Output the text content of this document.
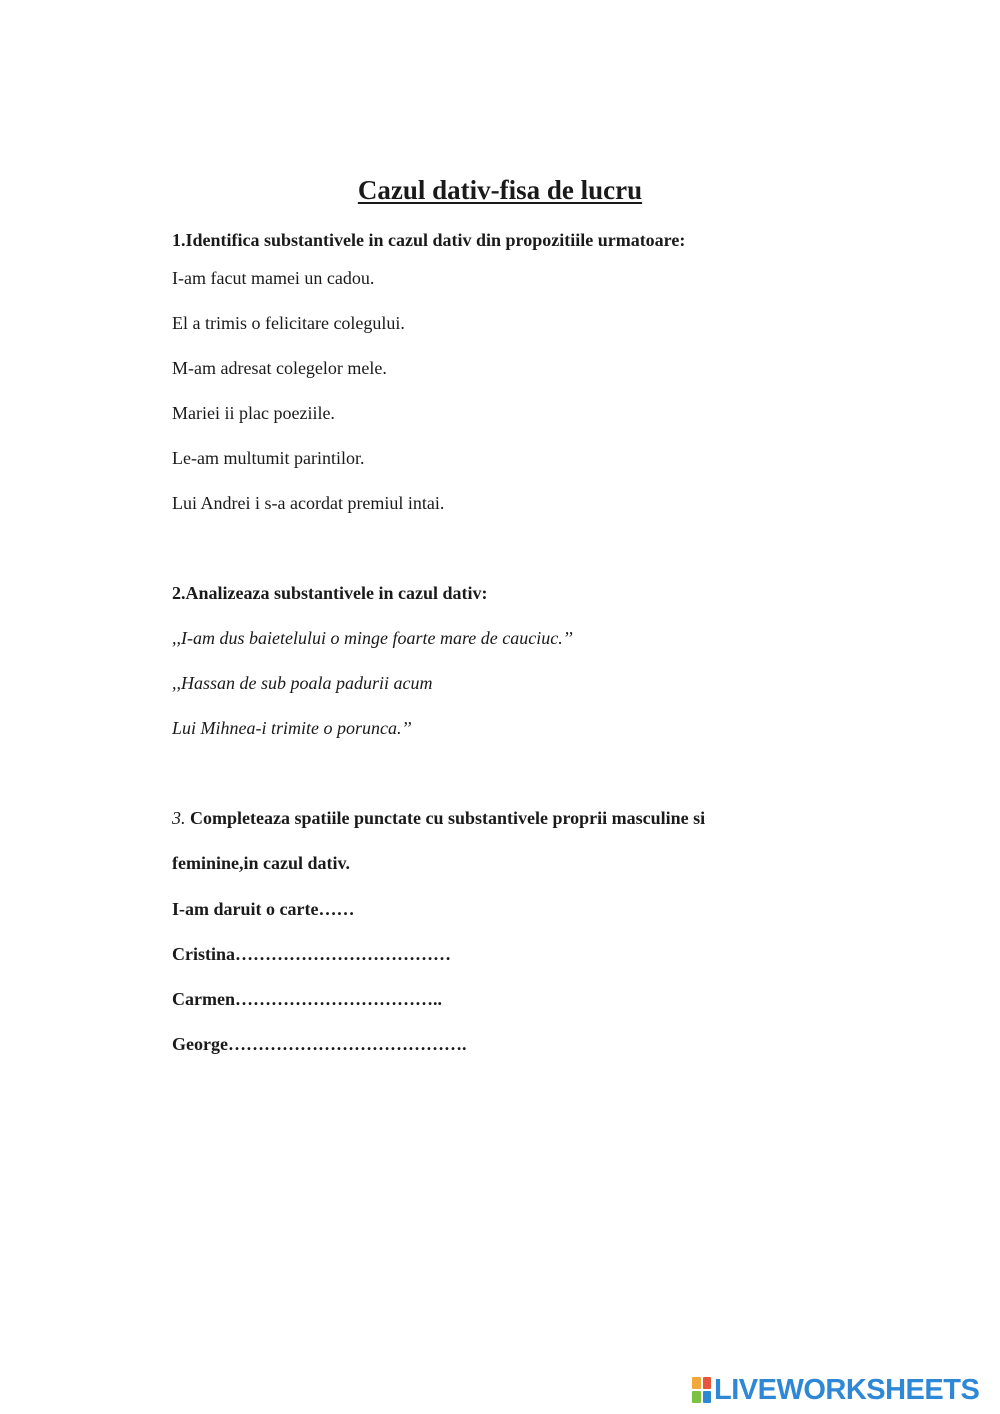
Cazul dativ-fisa de lucru
1.Identifica substantivele in cazul dativ din propozitiile urmatoare:
I-am facut mamei un cadou.
El a trimis o felicitare colegului.
M-am adresat colegelor mele.
Mariei ii plac poeziile.
Le-am multumit parintilor.
Lui Andrei i s-a acordat premiul intai.
2.Analizeaza substantivele in cazul dativ:
,,I-am dus baietelului o minge foarte mare de cauciuc.’’
,,Hassan de sub poala padurii acum
Lui Mihnea-i trimite o porunca.’’
3. Completeaza spatiile punctate cu substantivele proprii masculine si
feminine,in cazul dativ.
I-am daruit o carte……
Cristina………………………………
Carmen……………………………..
George………………………………….
LIVEWORKSHEETS
